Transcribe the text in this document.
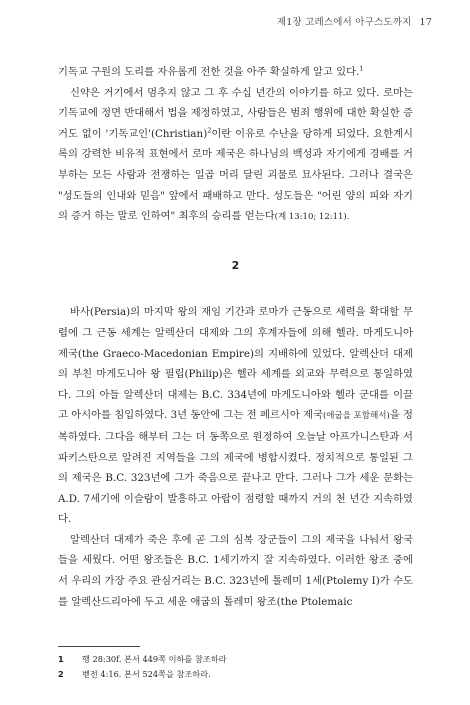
제1장 고레스에서 아구스도까지 17

기독교 구원의 도리를 자유롭게 전한 것을 아주 확실하게 알고 있다.$^1$

신약은 거기에서 멈추지 않고 그 후 수십 년간의 이야기를 하고 있다. 로마는 기독교에 정면 반대해서 법을 제정하였고, 사람들은 범죄 행위에 대한 확실한 증거도 없이 '기독교인'(Christian)$^2$이란 이유로 수난을 당하게 되었다. 요한계시록의 강력한 비유적 표현에서 로마 제국은 하나님의 백성과 자기에게 경배를 거부하는 모든 사람과 전쟁하는 일곱 머리 달린 괴물로 묘사된다. 그러나 결국은 "성도들의 인내와 믿음" 앞에서 패배하고 만다. 성도들은 "어린 양의 피와 자기의 증거 하는 말로 인하여" 최후의 승리를 얻는다(계 13:10; 12:11).

2

바사(Persia)의 마지막 왕의 재임 기간과 로마가 근동으로 세력을 확대할 무렵에 그 근동 세계는 알렉산더 대제와 그의 후계자들에 의해 헬라. 마게도니아 제국(the Graeco-Macedonian Empire)의 지배하에 있었다. 알렉산더 대제의 부친 마게도니아 왕 필립(Philip)은 헬라 세계를 외교와 무력으로 통일하였다. 그의 아들 알렉산더 대제는 B.C. 334년에 마게도니아와 헬라 군대를 이끌고 아시아를 침입하였다. 3년 동안에 그는 전 페르시아 제국(애굽을 포함해서)을 정복하였다. 그다음 해부터 그는 더 동쪽으로 원정하여 오늘날 아프가니스탄과 서파키스탄으로 알려진 지역들을 그의 제국에 병합시켰다. 정치적으로 통일된 그의 제국은 B.C. 323년에 그가 죽음으로 끝나고 만다. 그러나 그가 세운 문화는 A.D. 7세기에 이슬람이 발흥하고 아랍이 점령할 때까지 거의 천 년간 지속하였다.

알렉산더 대제가 죽은 후에 곧 그의 심복 장군들이 그의 제국을 나눠서 왕국들을 세웠다. 어떤 왕조들은 B.C. 1세기까지 잘 지속하였다. 이러한 왕조 중에서 우리의 가장 주요 관심거리는 B.C. 323년에 톨레미 1세(Ptolemy I)가 수도를 알렉산드리아에 두고 세운 애굽의 톨레미 왕조(the Ptolemaic

1 행 28:30f. 본서 449쪽 이하를 참조하라
2 벧전 4:16. 본서 524쪽을 참조하라.
